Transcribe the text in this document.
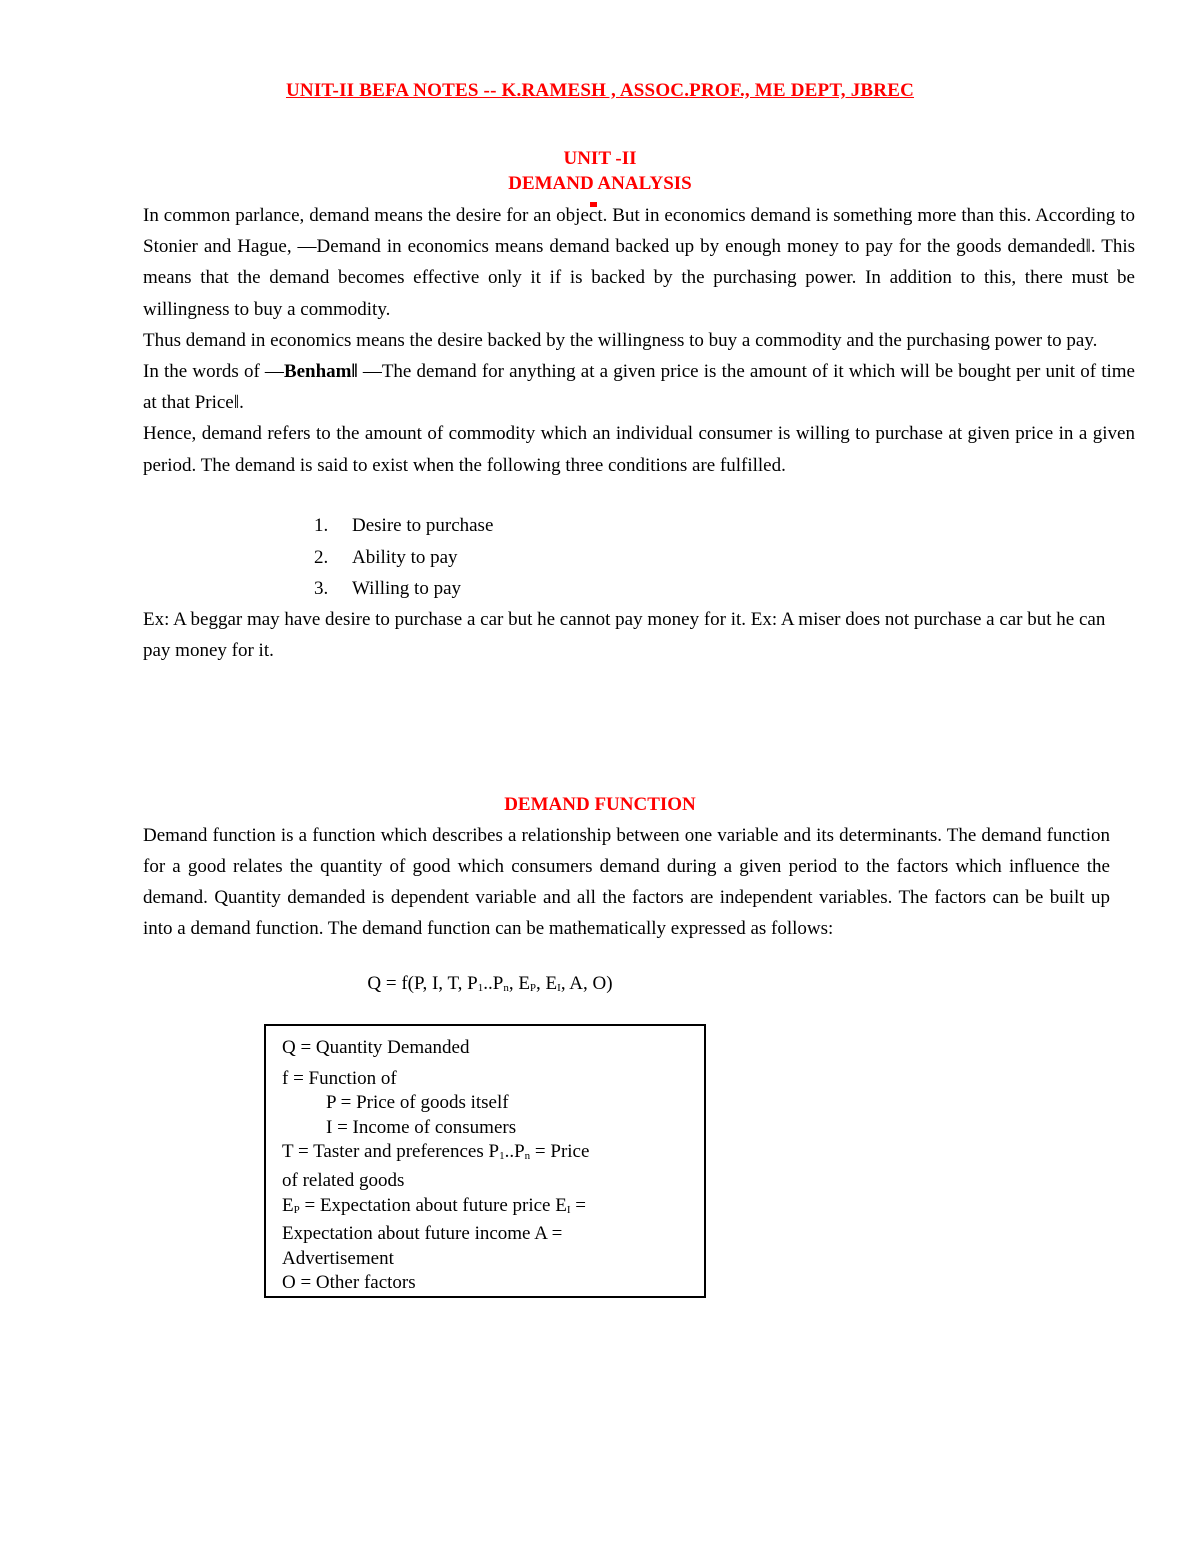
UNIT-II BEFA NOTES -- K.RAMESH , ASSOC.PROF., ME DEPT, JBREC
UNIT -II
DEMAND ANALYSIS

In common parlance, demand means the desire for an object. But in economics demand is something more than this. According to Stonier and Hague, ―Demand in economics means demand backed up by enough money to pay for the goods demanded‖. This means that the demand becomes effective only it if is backed by the purchasing power. In addition to this, there must be willingness to buy a commodity.

Thus demand in economics means the desire backed by the willingness to buy a commodity and the purchasing power to pay.

In the words of ―Benham‖ ―The demand for anything at a given price is the amount of it which will be bought per unit of time at that Price‖.

Hence, demand refers to the amount of commodity which an individual consumer is willing to purchase at given price in a given period. The demand is said to exist when the following three conditions are fulfilled.

1.	Desire to purchase
2.	Ability to pay
3.	Willing to pay
Ex: A beggar may have desire to purchase a car but he cannot pay money for it. Ex: A miser does not purchase a car but he can pay money for it.
DEMAND FUNCTION
Demand function is a function which describes a relationship between one variable and its determinants. The demand function for a good relates the quantity of good which consumers demand during a given period to the factors which influence the demand. Quantity demanded is dependent variable and all the factors are independent variables. The factors can be built up into a demand function. The demand function can be mathematically expressed as follows:
Q = f(P, I, T, $P_1..P_n$, $E_P$, $E_I$, A, O)
Q = Quantity Demanded
f = Function of
P = Price of goods itself
I = Income of consumers
T = Taster and preferences $P_1..P_n$ = Price
of related goods
$E_P$ = Expectation about future price $E_I$ =
Expectation about future income A =
Advertisement
O = Other factors
